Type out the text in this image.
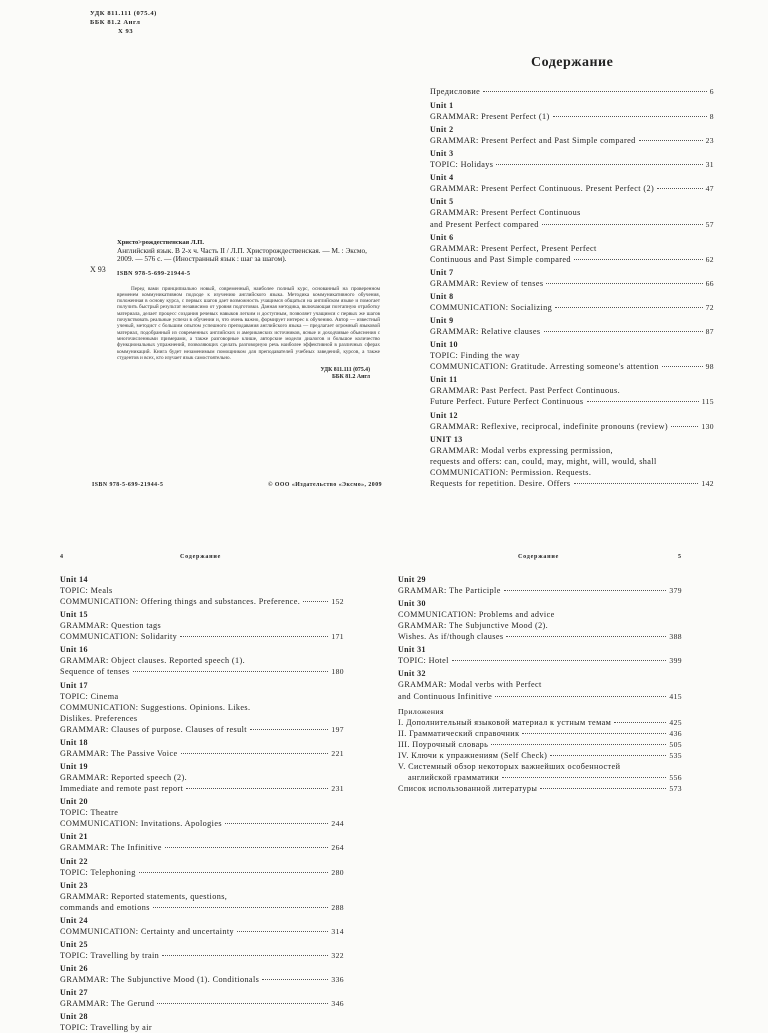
УДК 811.111 (075.4)
ББК 81.2 Англ
Х 93
Христо>рождественская Л.П.
Х 93
Английский язык. В 2-х ч. Часть II / Л.П. Христорождественская. — М. : Эксмо, 2009. — 576 с. — (Иностранный язык : шаг за шагом).
ISBN 978-5-699-21944-5
Перед вами принципиально новый, современный, наиболее полный курс, основанный на проверенном временем коммуникативном подходе к изучению английского языка. Методика коммуникативного обучения, положенная в основу курса, с первых шагов дает возможность учащимся общаться на английском языке и помогает получить быстрый результат независимо от уровня подготовки. Данная методика, включающая поэтапную отработку материала, делает процесс создания речевых навыков легким и доступным, позволяет учащимся с первых же шагов почувствовать реальные успехи в обучении и, что очень важно, формирует интерес к обучению. Автор — известный ученый, методист с большим опытом успешного преподавания английского языка — предлагает огромный языковой материал, подобранный из современных английских и американских источников, ясные и доходчивые объяснения с многочисленными примерами, а также разговорные клише, авторские модели диалогов и большое количество функциональных упражнений, позволяющих сделать разговорную речь наиболее эффективной в различных сферах коммуникаций. Книга будет незаменимым помощником для преподавателей учебных заведений, курсов, а также студентов и всех, кто изучает язык самостоятельно.
УДК 811.111 (075.4)
ББК 81.2 Англ
ISBN 978-5-699-21944-5	© ООО «Издательство «Эксмо», 2009
Содержание
Предисловие	6
Unit 1
GRAMMAR: Present Perfect (1)	8
Unit 2
GRAMMAR: Present Perfect and Past Simple compared	23
Unit 3
TOPIC: Holidays	31
Unit 4
GRAMMAR: Present Perfect Continuous. Present Perfect (2)	47
Unit 5
GRAMMAR: Present Perfect Continuous
and Present Perfect compared	57
Unit 6
GRAMMAR: Present Perfect, Present Perfect
Continuous and Past Simple compared	62
Unit 7
GRAMMAR: Review of tenses	66
Unit 8
COMMUNICATION: Socializing	72
Unit 9
GRAMMAR: Relative clauses	87
Unit 10
TOPIC: Finding the way
COMMUNICATION: Gratitude. Arresting someone's attention	98
Unit 11
GRAMMAR: Past Perfect. Past Perfect Continuous.
Future Perfect. Future Perfect Continuous	115
Unit 12
GRAMMAR: Reflexive, reciprocal, indefinite pronouns (review)	130
UNIT 13
GRAMMAR: Modal verbs expressing permission,
requests and offers: can, could, may, might, will, would, shall
COMMUNICATION: Permission. Requests.
Requests for repetition. Desire. Offers	142
4	Содержание
Unit 14
TOPIC: Meals
COMMUNICATION: Offering things and substances. Preference.	152
Unit 15
GRAMMAR: Question tags
COMMUNICATION: Solidarity	171
Unit 16
GRAMMAR: Object clauses. Reported speech (1).
Sequence of tenses	180
Unit 17
TOPIC: Cinema
COMMUNICATION: Suggestions. Opinions. Likes.
Dislikes. Preferences
GRAMMAR: Clauses of purpose. Clauses of result	197
Unit 18
GRAMMAR: The Passive Voice	221
Unit 19
GRAMMAR: Reported speech (2).
Immediate and remote past report	231
Unit 20
TOPIC: Theatre
COMMUNICATION: Invitations. Apologies	244
Unit 21
GRAMMAR: The Infinitive	264
Unit 22
TOPIC: Telephoning	280
Unit 23
GRAMMAR: Reported statements, questions,
commands and emotions	288
Unit 24
COMMUNICATION: Certainty and uncertainty	314
Unit 25
TOPIC: Travelling by train	322
Unit 26
GRAMMAR: The Subjunctive Mood (1). Conditionals	336
Unit 27
GRAMMAR: The Gerund	346
Unit 28
TOPIC: Travelling by air
Содержание	5
Unit 29
GRAMMAR: The Participle	379
Unit 30
COMMUNICATION: Problems and advice
GRAMMAR: The Subjunctive Mood (2).
Wishes. As if/though clauses	388
Unit 31
TOPIC: Hotel	399
Unit 32
GRAMMAR: Modal verbs with Perfect
and Continuous Infinitive	415
Приложения
I. Дополнительный языковой материал к устным темам	425
II. Грамматический справочник	436
III. Поурочный словарь	505
IV. Ключи к упражнениям (Self Check)	535
V. Системный обзор некоторых важнейших особенностей
английской грамматики	556
Список использованной литературы	573
